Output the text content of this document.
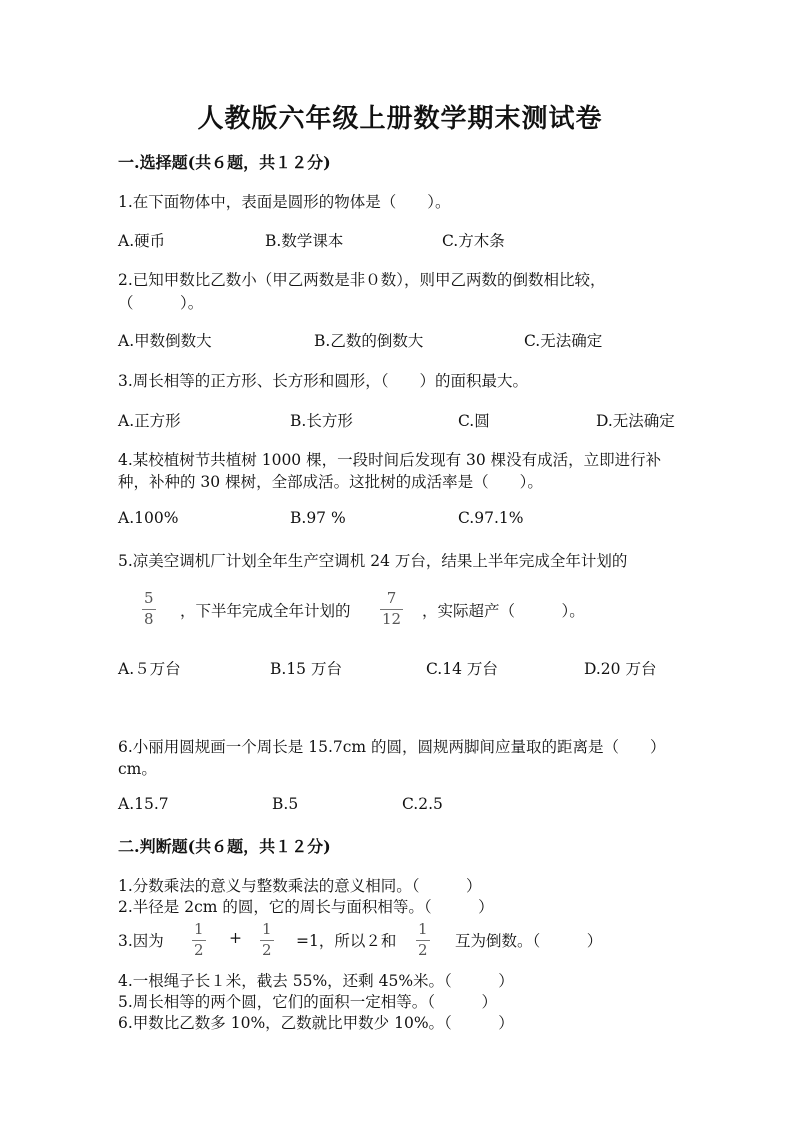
人教版六年级上册数学期末测试卷
一.选择题(共６题，共１２分)
1.在下面物体中，表面是圆形的物体是（　　）。
A.硬币	B.数学课本	C.方木条
2.已知甲数比乙数小（甲乙两数是非０数），则甲乙两数的倒数相比较，
（　　　）。
A.甲数倒数大	B.乙数的倒数大	C.无法确定
3.周长相等的正方形、长方形和圆形，（　　）的面积最大。
A.正方形	B.长方形	C.圆	D.无法确定
4.某校植树节共植树 1000 棵，一段时间后发现有 30 棵没有成活，立即进行补
种，补种的 30 棵树，全部成活。这批树的成活率是（　　）。
A.100%	B.97 %	C.97.1%
5.凉美空调机厂计划全年生产空调机 24 万台，结果上半年完成全年计划的
5
8 ，下半年完成全年计划的
7
12 ，实际超产（　　　）。
A.５万台	B.15 万台	C.14 万台	D.20 万台
6.小丽用圆规画一个周长是 15.7cm 的圆，圆规两脚间应量取的距离是（　　）
cm。
A.15.7	B.5	C.2.5
二.判断题(共６题，共１２分)
1.分数乘法的意义与整数乘法的意义相同。（　　　）
2.半径是 2cm 的圆，它的周长与面积相等。（　　　）
3.因为
1
2
+ 1
2 =1，所以２和
1
2 互为倒数。（　　　）
4.一根绳子长１米，截去 55%，还剩 45%米。（　　　）
5.周长相等的两个圆，它们的面积一定相等。（　　　）
6.甲数比乙数多 10%，乙数就比甲数少 10%。（　　　）
